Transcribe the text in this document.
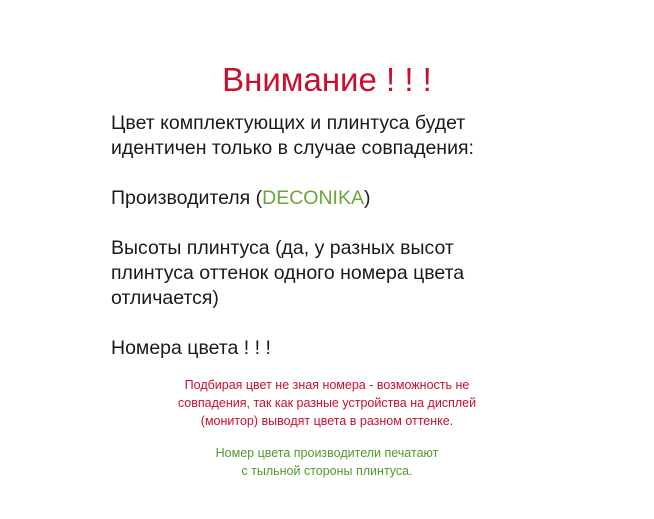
Внимание ! ! !

Цвет комплектующих и плинтуса будет

идентичен только в случае совпадения:

Производителя (DECONIKA)

Высоты плинтуса (да, у разных высот

плинтуса оттенок одного номера цвета

отличается)

Номера цвета ! ! !

Подбирая цвет не зная номера - возможность не

совпадения, так как разные устройства на дисплей

(монитор) выводят цвета в разном оттенке.

Номер цвета производители печатают

с тыльной стороны плинтуса.
